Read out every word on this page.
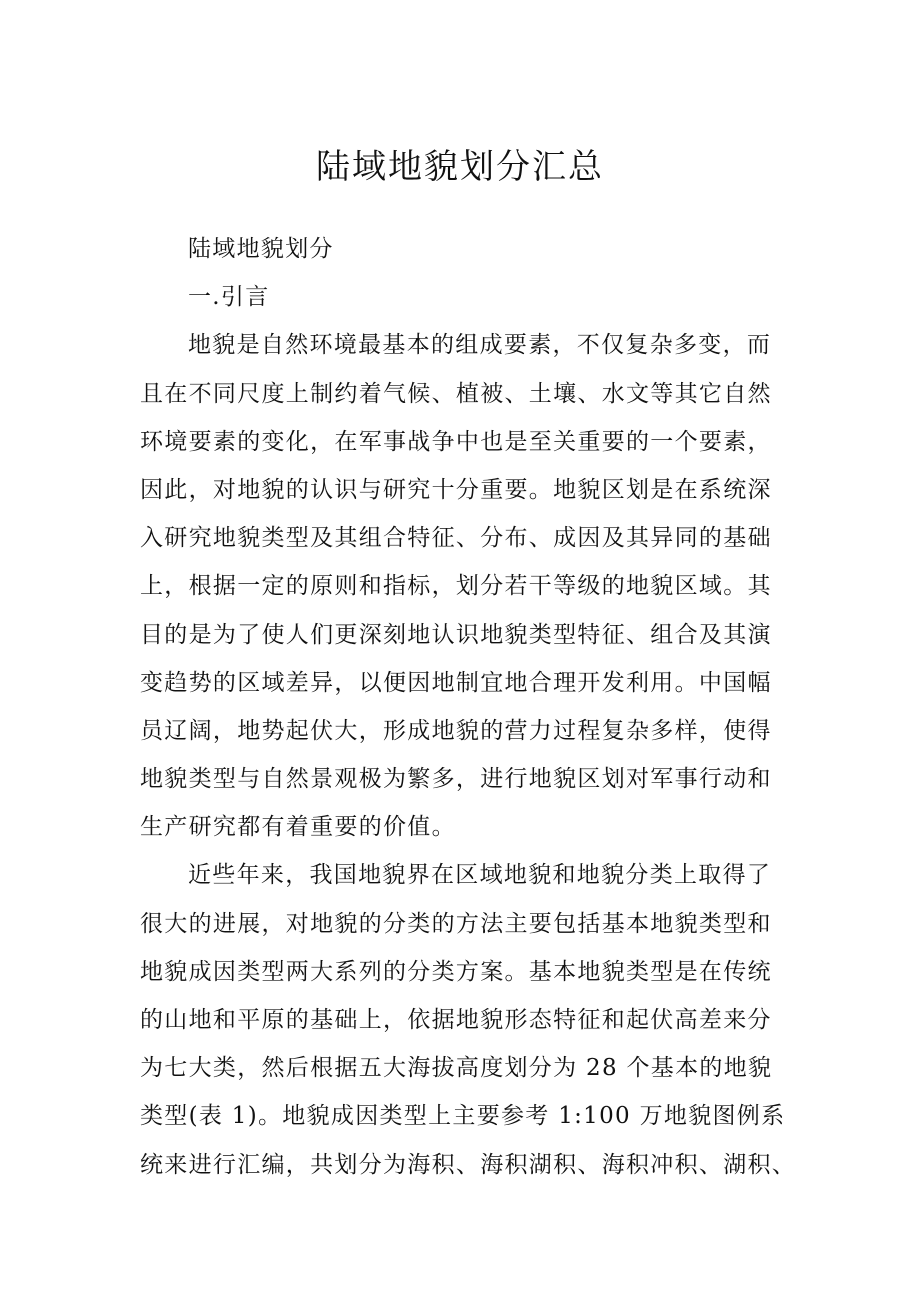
陆域地貌划分汇总
陆域地貌划分
一.引言
地貌是自然环境最基本的组成要素，不仅复杂多变，而
且在不同尺度上制约着气候、植被、土壤、水文等其它自然
环境要素的变化，在军事战争中也是至关重要的一个要素，
因此，对地貌的认识与研究十分重要。地貌区划是在系统深
入研究地貌类型及其组合特征、分布、成因及其异同的基础
上，根据一定的原则和指标，划分若干等级的地貌区域。其
目的是为了使人们更深刻地认识地貌类型特征、组合及其演
变趋势的区域差异，以便因地制宜地合理开发利用。中国幅
员辽阔，地势起伏大，形成地貌的营力过程复杂多样，使得
地貌类型与自然景观极为繁多，进行地貌区划对军事行动和
生产研究都有着重要的价值。
近些年来，我国地貌界在区域地貌和地貌分类上取得了
很大的进展，对地貌的分类的方法主要包括基本地貌类型和
地貌成因类型两大系列的分类方案。基本地貌类型是在传统
的山地和平原的基础上，依据地貌形态特征和起伏高差来分
为七大类，然后根据五大海拔高度划分为 28 个基本的地貌
类型(表 1)。地貌成因类型上主要参考 1:100 万地貌图例系
统来进行汇编，共划分为海积、海积湖积、海积冲积、湖积、
